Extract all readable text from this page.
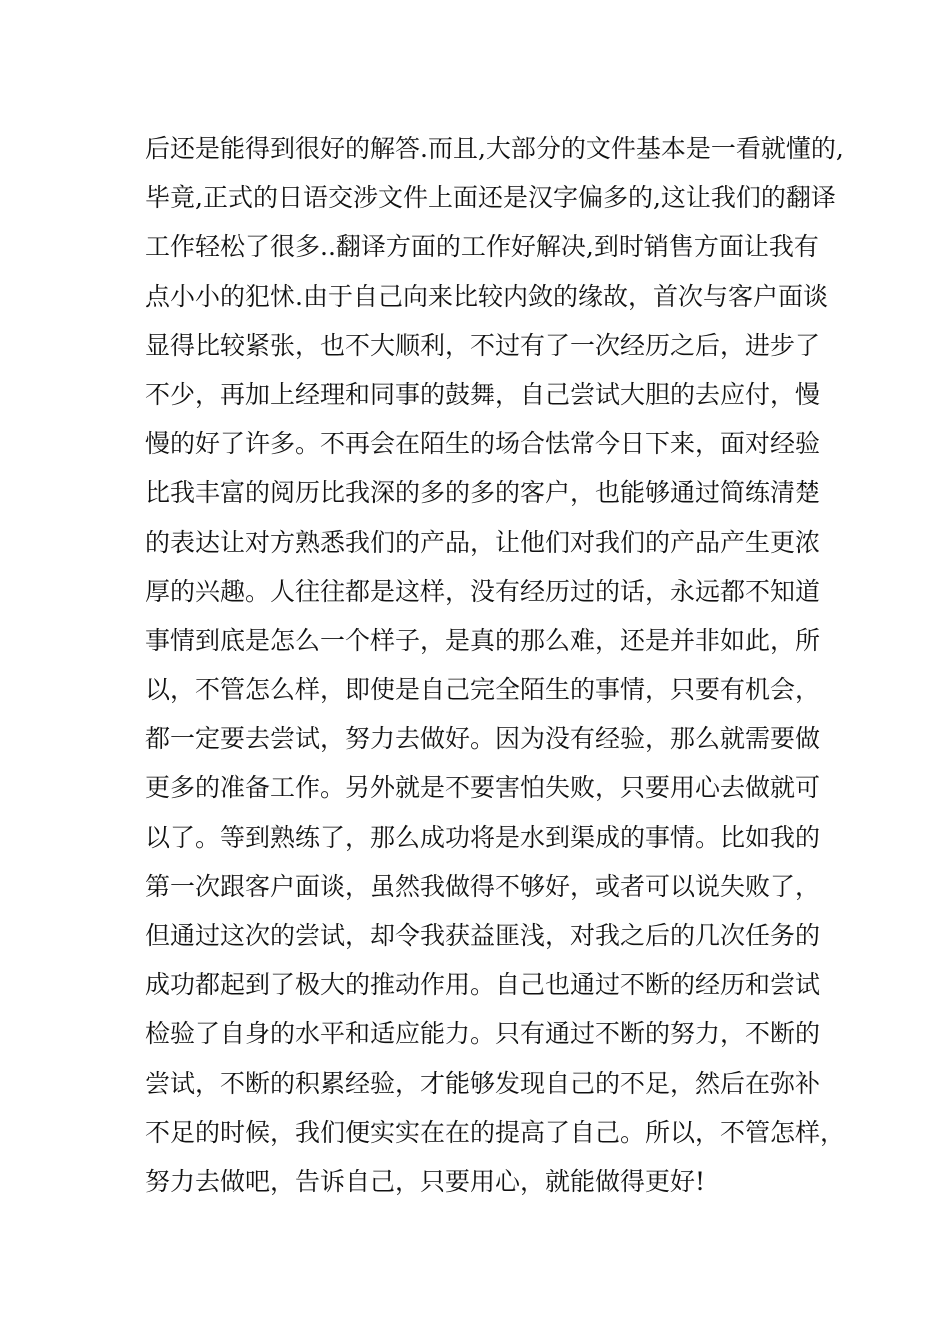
后还是能得到很好的解答.而且,大部分的文件基本是一看就懂的,
毕竟,正式的日语交涉文件上面还是汉字偏多的,这让我们的翻译
工作轻松了很多..翻译方面的工作好解决,到时销售方面让我有
点小小的犯怵.由于自己向来比较内敛的缘故，首次与客户面谈
显得比较紧张，也不大顺利，不过有了一次经历之后，进步了
不少，再加上经理和同事的鼓舞，自己尝试大胆的去应付，慢
慢的好了许多。不再会在陌生的场合怯常今日下来，面对经验
比我丰富的阅历比我深的多的多的客户，也能够通过简练清楚
的表达让对方熟悉我们的产品，让他们对我们的产品产生更浓
厚的兴趣。人往往都是这样，没有经历过的话，永远都不知道
事情到底是怎么一个样子，是真的那么难，还是并非如此，所
以，不管怎么样，即使是自己完全陌生的事情，只要有机会，
都一定要去尝试，努力去做好。因为没有经验，那么就需要做
更多的准备工作。另外就是不要害怕失败，只要用心去做就可
以了。等到熟练了，那么成功将是水到渠成的事情。比如我的
第一次跟客户面谈，虽然我做得不够好，或者可以说失败了，
但通过这次的尝试，却令我获益匪浅，对我之后的几次任务的
成功都起到了极大的推动作用。自己也通过不断的经历和尝试
检验了自身的水平和适应能力。只有通过不断的努力，不断的
尝试，不断的积累经验，才能够发现自己的不足，然后在弥补
不足的时候，我们便实实在在的提高了自己。所以，不管怎样，
努力去做吧，告诉自己，只要用心，就能做得更好!
